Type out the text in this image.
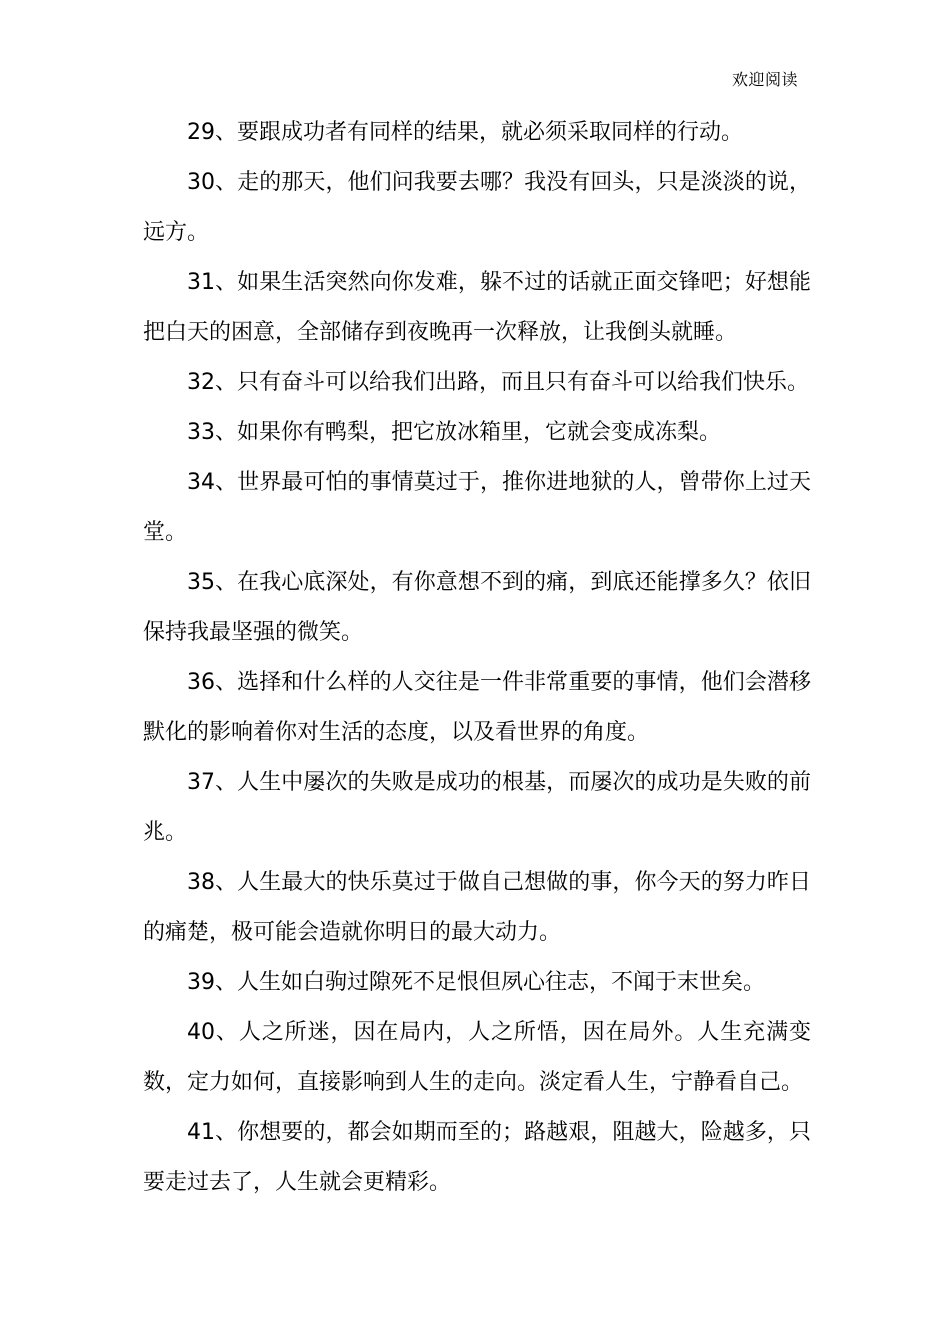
欢迎阅读

29、要跟成功者有同样的结果，就必须采取同样的行动。

30、走的那天，他们问我要去哪？我没有回头，只是淡淡的说，远方。

31、如果生活突然向你发难，躲不过的话就正面交锋吧；好想能把白天的困意，全部储存到夜晚再一次释放，让我倒头就睡。

32、只有奋斗可以给我们出路，而且只有奋斗可以给我们快乐。

33、如果你有鸭梨，把它放冰箱里，它就会变成冻梨。

34、世界最可怕的事情莫过于，推你进地狱的人，曾带你上过天堂。

35、在我心底深处，有你意想不到的痛，到底还能撑多久？依旧保持我最坚强的微笑。

36、选择和什么样的人交往是一件非常重要的事情，他们会潜移默化的影响着你对生活的态度，以及看世界的角度。

37、人生中屡次的失败是成功的根基，而屡次的成功是失败的前兆。

38、人生最大的快乐莫过于做自己想做的事，你今天的努力昨日的痛楚，极可能会造就你明日的最大动力。

39、人生如白驹过隙死不足恨但夙心往志，不闻于末世矣。

40、人之所迷，因在局内，人之所悟，因在局外。人生充满变数，定力如何，直接影响到人生的走向。淡定看人生，宁静看自己。

41、你想要的，都会如期而至的；路越艰，阻越大，险越多，只要走过去了，人生就会更精彩。
